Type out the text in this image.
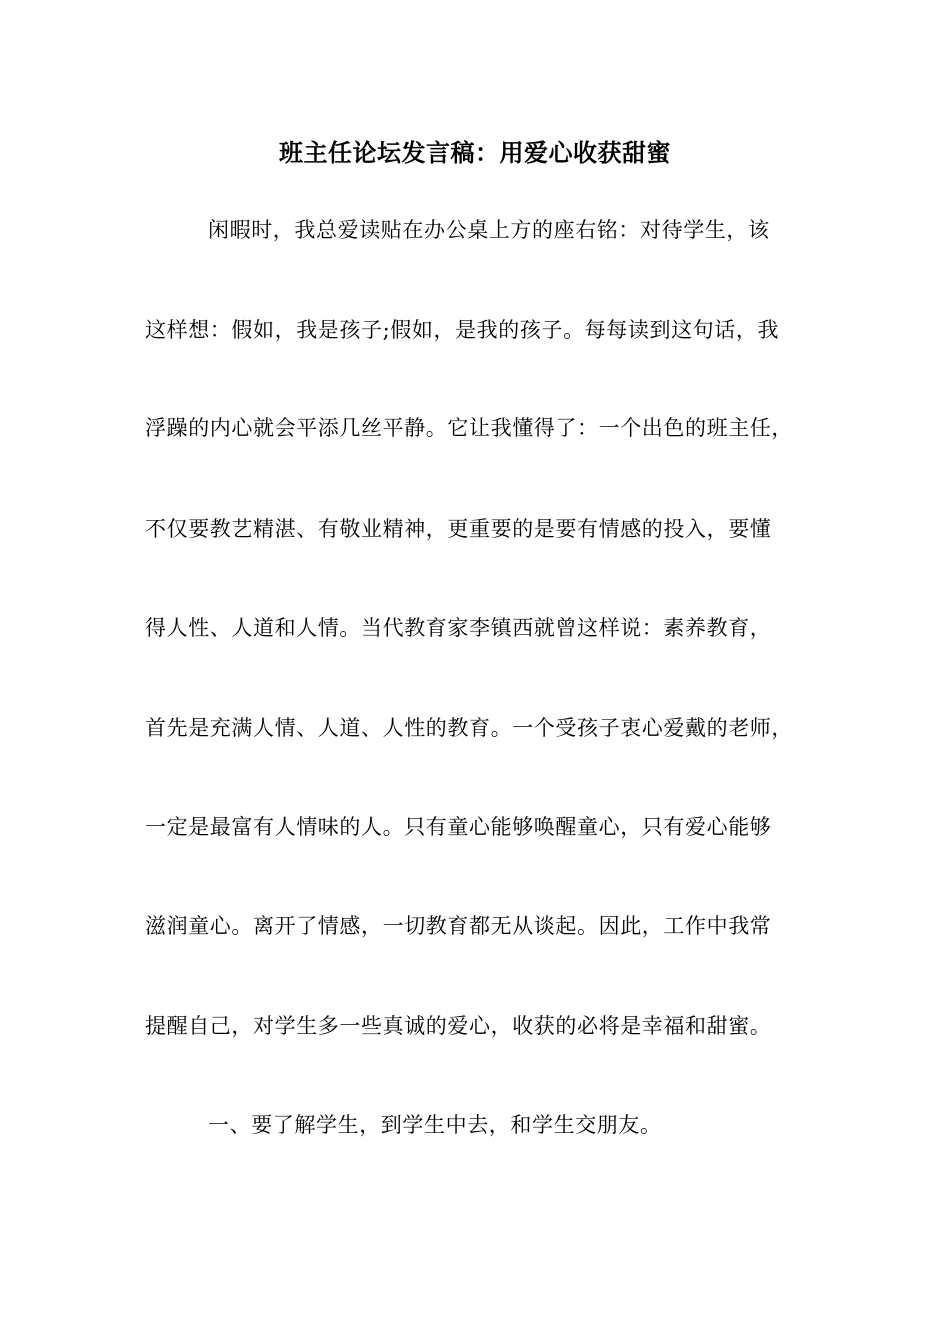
班主任论坛发言稿：用爱心收获甜蜜
闲暇时，我总爱读贴在办公桌上方的座右铭：对待学生，该
这样想：假如，我是孩子;假如，是我的孩子。每每读到这句话，我
浮躁的内心就会平添几丝平静。它让我懂得了：一个出色的班主任，
不仅要教艺精湛、有敬业精神，更重要的是要有情感的投入，要懂
得人性、人道和人情。当代教育家李镇西就曾这样说：素养教育，
首先是充满人情、人道、人性的教育。一个受孩子衷心爱戴的老师，
一定是最富有人情味的人。只有童心能够唤醒童心，只有爱心能够
滋润童心。离开了情感，一切教育都无从谈起。因此，工作中我常
提醒自己，对学生多一些真诚的爱心，收获的必将是幸福和甜蜜。
一、要了解学生，到学生中去，和学生交朋友。
